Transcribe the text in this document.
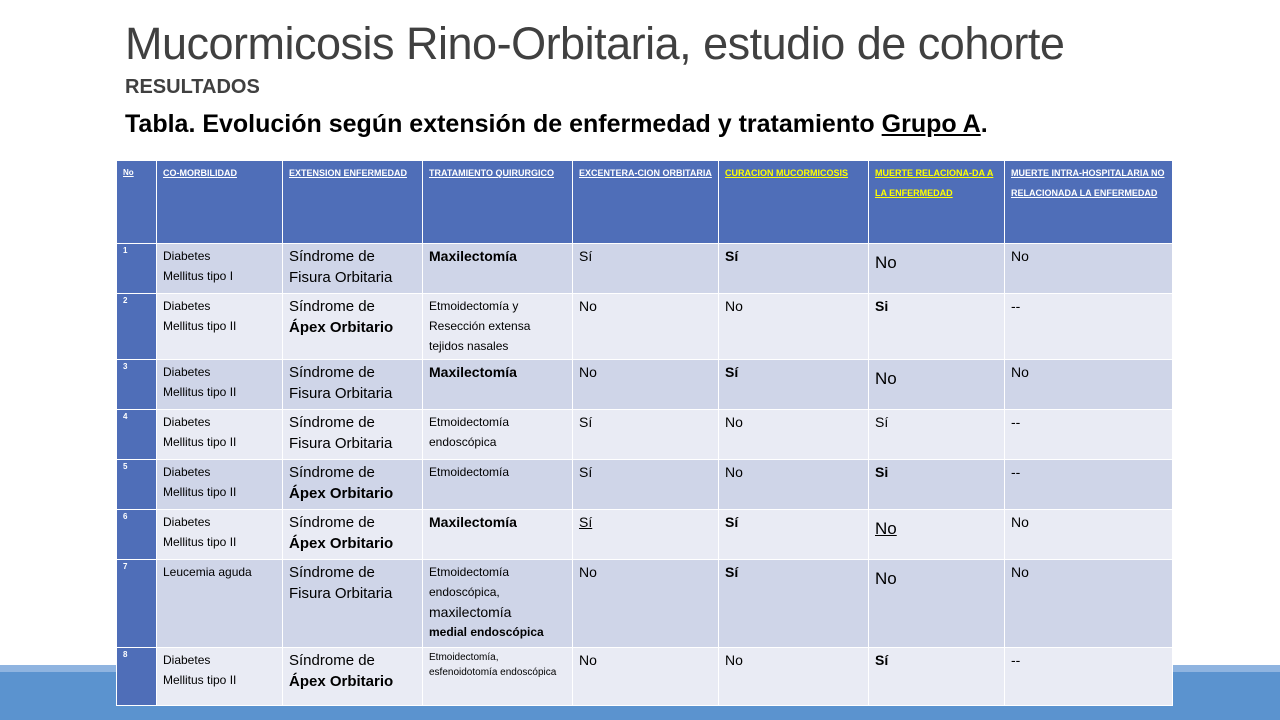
Mucormicosis Rino-Orbitaria, estudio de cohorte
RESULTADOS
Tabla. Evolución según extensión de enfermedad y tratamiento Grupo A.
No	CO-MORBILIDAD	EXTENSION ENFERMEDAD	TRATAMIENTO QUIRURGICO	EXCENTERA-CION ORBITARIA	CURACION MUCORMICOSIS	MUERTE RELACIONA-DA A LA ENFERMEDAD	MUERTE INTRA-HOSPITALARIA NO RELACIONADA LA ENFERMEDAD
1	Diabetes
Mellitus tipo I	Síndrome de
Fisura Orbitaria	Maxilectomía	Sí	Sí	No	No
2	Diabetes
Mellitus tipo II	Síndrome de
Ápex Orbitario	Etmoidectomía y Resección extensa tejidos nasales	No	No	Si	--
3	Diabetes
Mellitus tipo II	Síndrome de
Fisura Orbitaria	Maxilectomía	No	Sí	No	No
4	Diabetes
Mellitus tipo II	Síndrome de
Fisura Orbitaria	Etmoidectomía endoscópica	Sí	No	Sí	--
5	Diabetes
Mellitus tipo II	Síndrome de
Ápex Orbitario	Etmoidectomía	Sí	No	Si	--
6	Diabetes
Mellitus tipo II	Síndrome de
Ápex Orbitario	Maxilectomía	Sí	Sí	No	No
7	Leucemia aguda	Síndrome de
Fisura Orbitaria	Etmoidectomía endoscópica,
maxilectomía
medial endoscópica	No	Sí	No	No
8	Diabetes
Mellitus tipo II	Síndrome de
Ápex Orbitario	Etmoidectomía, esfenoidotomía endoscópica	No	No	Sí	--
